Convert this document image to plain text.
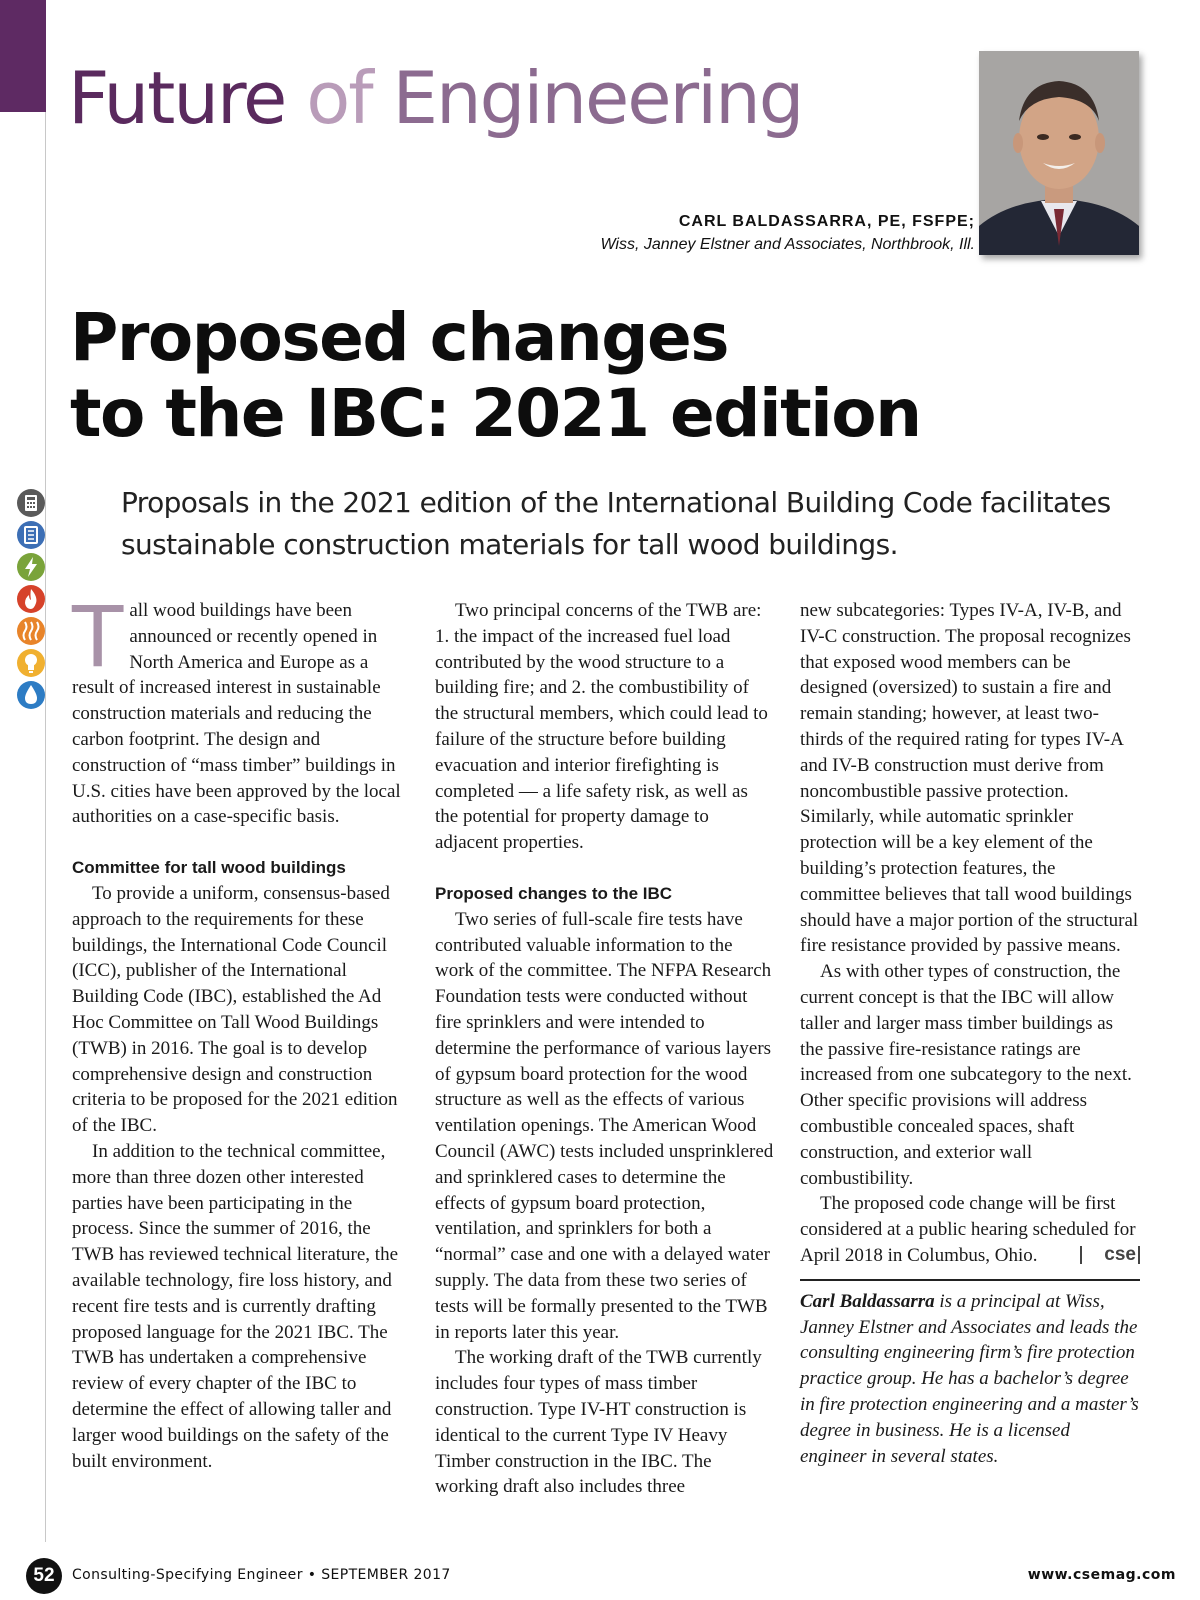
Future of Engineering
CARL BALDASSARRA, PE, FSFPE;
Wiss, Janney Elstner and Associates, Northbrook, Ill.
Proposed changes
to the IBC: 2021 edition
Proposals in the 2021 edition of the International Building Code facilitates
sustainable construction materials for tall wood buildings.

Tall wood buildings have been announced or recently opened in North America and Europe as a result of increased interest in sustainable construction materials and reducing the carbon footprint. The design and construction of “mass timber” buildings in U.S. cities have been approved by the local authorities on a case-specific basis.

Committee for tall wood buildings

To provide a uniform, consensus-based approach to the requirements for these buildings, the International Code Council (ICC), publisher of the International Building Code (IBC), established the Ad Hoc Committee on Tall Wood Buildings (TWB) in 2016. The goal is to develop comprehensive design and construction criteria to be proposed for the 2021 edition of the IBC.

In addition to the technical committee, more than three dozen other interested parties have been participating in the process. Since the summer of 2016, the TWB has reviewed technical literature, the available technology, fire loss history, and recent fire tests and is currently drafting proposed language for the 2021 IBC. The TWB has undertaken a comprehensive review of every chapter of the IBC to determine the effect of allowing taller and larger wood buildings on the safety of the built environment.

Two principal concerns of the TWB are: 1. the impact of the increased fuel load contributed by the wood structure to a building fire; and 2. the combustibility of the structural members, which could lead to failure of the structure before building evacuation and interior firefighting is completed — a life safety risk, as well as the potential for property damage to adjacent properties.

Proposed changes to the IBC

Two series of full-scale fire tests have contributed valuable information to the work of the committee. The NFPA Research Foundation tests were conducted without fire sprinklers and were intended to determine the performance of various layers of gypsum board protection for the wood structure as well as the effects of various ventilation openings. The American Wood Council (AWC) tests included unsprinklered and sprinklered cases to determine the effects of gypsum board protection, ventilation, and sprinklers for both a “normal” case and one with a delayed water supply. The data from these two series of tests will be formally presented to the TWB in reports later this year.

The working draft of the TWB currently includes four types of mass timber construction. Type IV-HT construction is identical to the current Type IV Heavy Timber construction in the IBC. The working draft also includes three

new subcategories: Types IV-A, IV-B, and IV-C construction. The proposal recognizes that exposed wood members can be designed (oversized) to sustain a fire and remain standing; however, at least two-thirds of the required rating for types IV-A and IV-B construction must derive from noncombustible passive protection. Similarly, while automatic sprinkler protection will be a key element of the building’s protection features, the committee believes that tall wood buildings should have a major portion of the structural fire resistance provided by passive means.

As with other types of construction, the current concept is that the IBC will allow taller and larger mass timber buildings as the passive fire-resistance ratings are increased from one subcategory to the next. Other specific provisions will address combustible concealed spaces, shaft construction, and exterior wall combustibility.

The proposed code change will be first considered at a public hearing scheduled for April 2018 in Columbus, Ohio.	cse

Carl Baldassarra is a principal at Wiss, Janney Elstner and Associates and leads the consulting engineering firm’s fire protection practice group. He has a bachelor’s degree in fire protection engineering and a master’s degree in business. He is a licensed engineer in several states.

52	Consulting-Specifying Engineer • SEPTEMBER 2017	www.csemag.com
